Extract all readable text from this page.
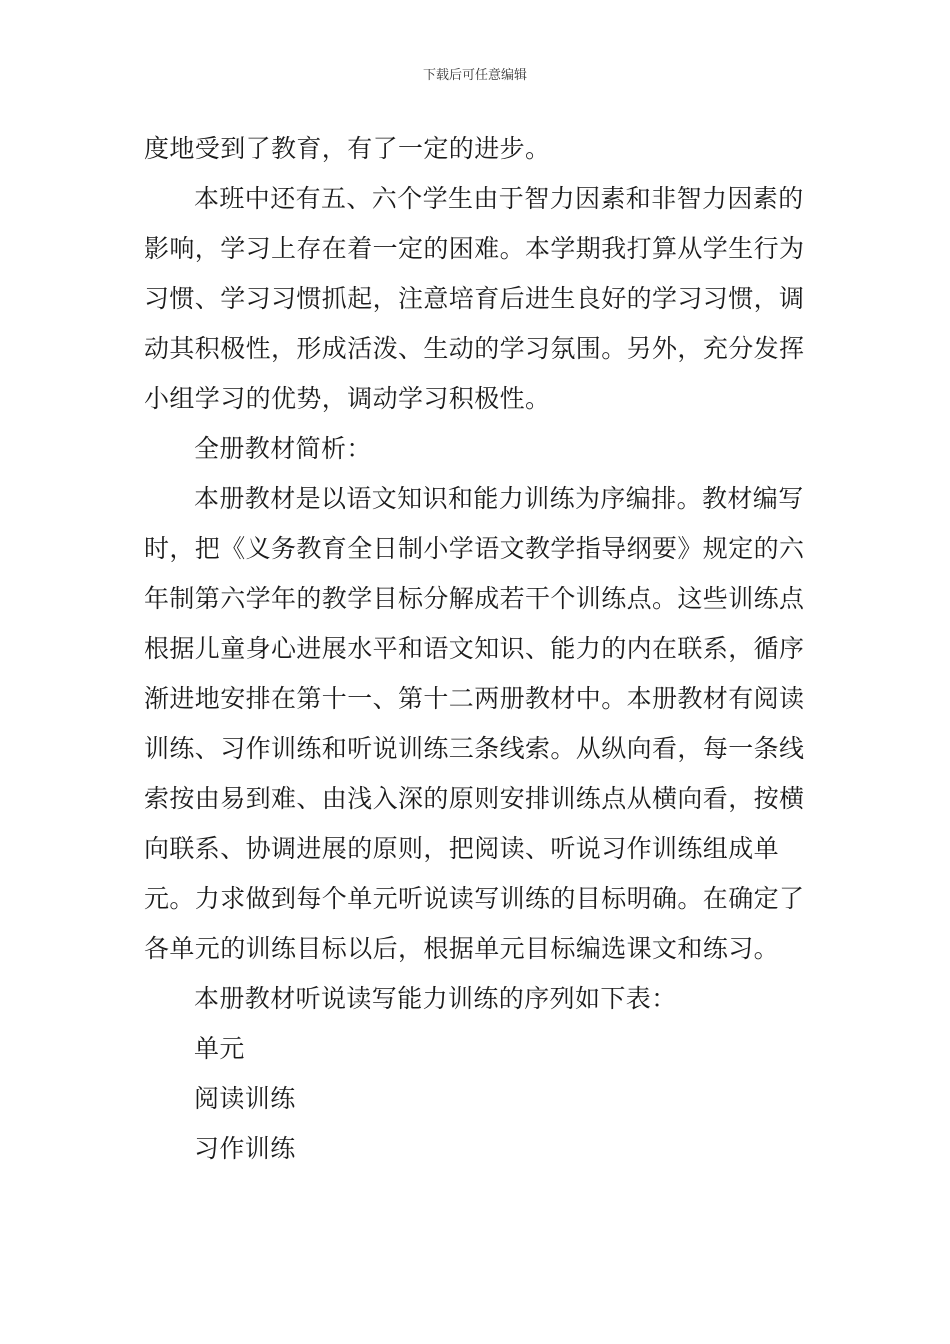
下载后可任意编辑

度地受到了教育，有了一定的进步。

本班中还有五、六个学生由于智力因素和非智力因素的影响，学习上存在着一定的困难。本学期我打算从学生行为习惯、学习习惯抓起，注意培育后进生良好的学习习惯，调动其积极性，形成活泼、生动的学习氛围。另外，充分发挥小组学习的优势，调动学习积极性。

全册教材简析：

本册教材是以语文知识和能力训练为序编排。教材编写时，把《义务教育全日制小学语文教学指导纲要》规定的六年制第六学年的教学目标分解成若干个训练点。这些训练点根据儿童身心进展水平和语文知识、能力的内在联系，循序渐进地安排在第十一、第十二两册教材中。本册教材有阅读训练、习作训练和听说训练三条线索。从纵向看，每一条线索按由易到难、由浅入深的原则安排训练点从横向看，按横向联系、协调进展的原则，把阅读、听说习作训练组成单元。力求做到每个单元听说读写训练的目标明确。在确定了各单元的训练目标以后，根据单元目标编选课文和练习。

本册教材听说读写能力训练的序列如下表：

单元

阅读训练

习作训练
